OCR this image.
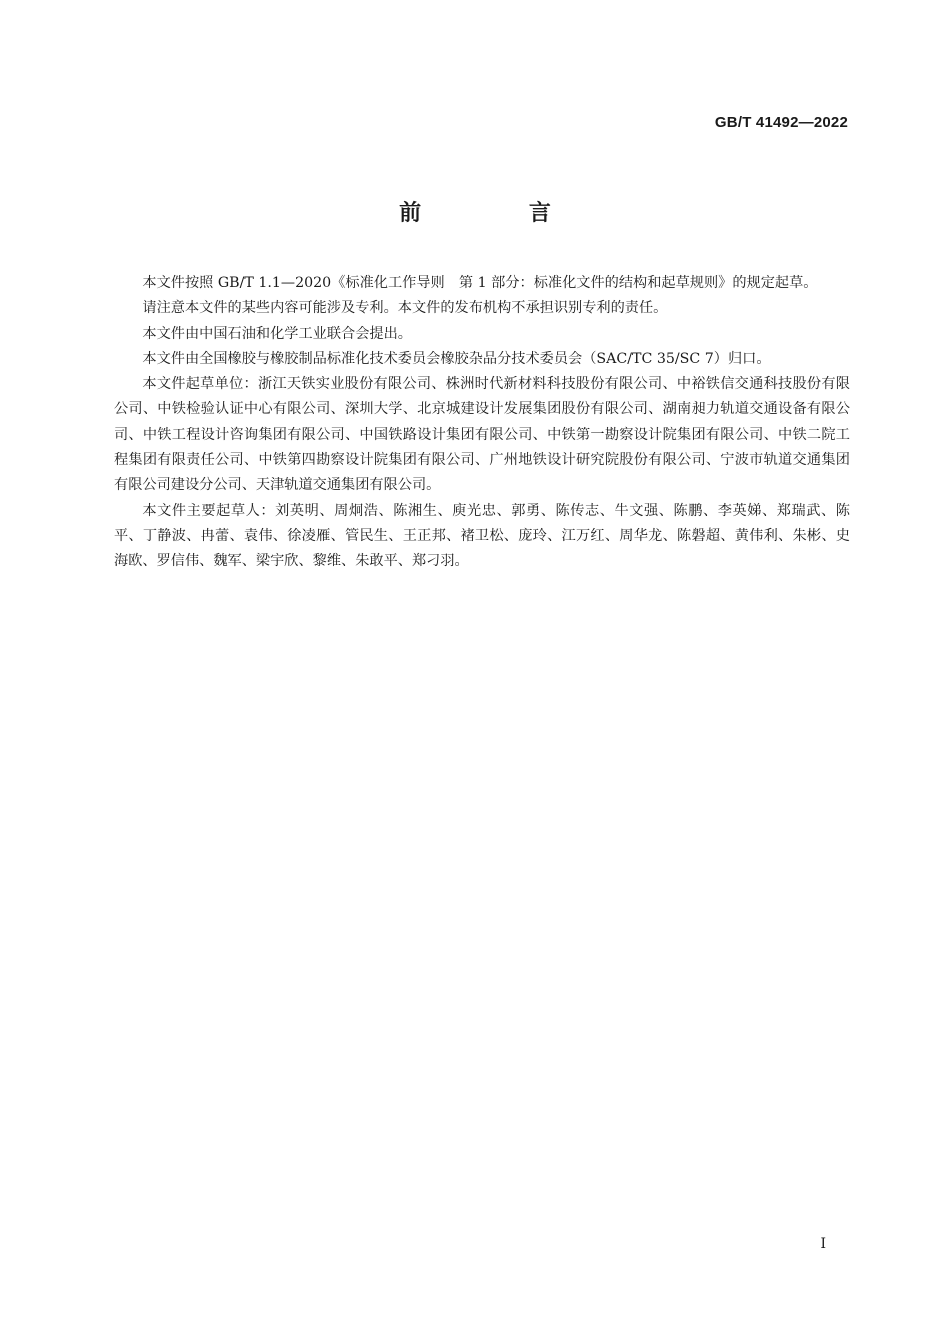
GB/T 41492—2022
前 言

本文件按照 GB/T 1.1—2020《标准化工作导则　第 1 部分：标准化文件的结构和起草规则》的规定起草。

请注意本文件的某些内容可能涉及专利。本文件的发布机构不承担识别专利的责任。

本文件由中国石油和化学工业联合会提出。

本文件由全国橡胶与橡胶制品标准化技术委员会橡胶杂品分技术委员会（SAC/TC 35/SC 7）归口。

本文件起草单位：浙江天铁实业股份有限公司、株洲时代新材料科技股份有限公司、中裕铁信交通科技股份有限公司、中铁检验认证中心有限公司、深圳大学、北京城建设计发展集团股份有限公司、湖南昶力轨道交通设备有限公司、中铁工程设计咨询集团有限公司、中国铁路设计集团有限公司、中铁第一勘察设计院集团有限公司、中铁二院工程集团有限责任公司、中铁第四勘察设计院集团有限公司、广州地铁设计研究院股份有限公司、宁波市轨道交通集团有限公司建设分公司、天津轨道交通集团有限公司。

本文件主要起草人：刘英明、周炯浩、陈湘生、庾光忠、郭勇、陈传志、牛文强、陈鹏、李英娣、郑瑞武、陈平、丁静波、冉蕾、袁伟、徐凌雁、管民生、王正邦、褚卫松、庞玲、江万红、周华龙、陈磐超、黄伟利、朱彬、史海欧、罗信伟、魏军、梁宇欣、黎维、朱敢平、郑刁羽。

I
